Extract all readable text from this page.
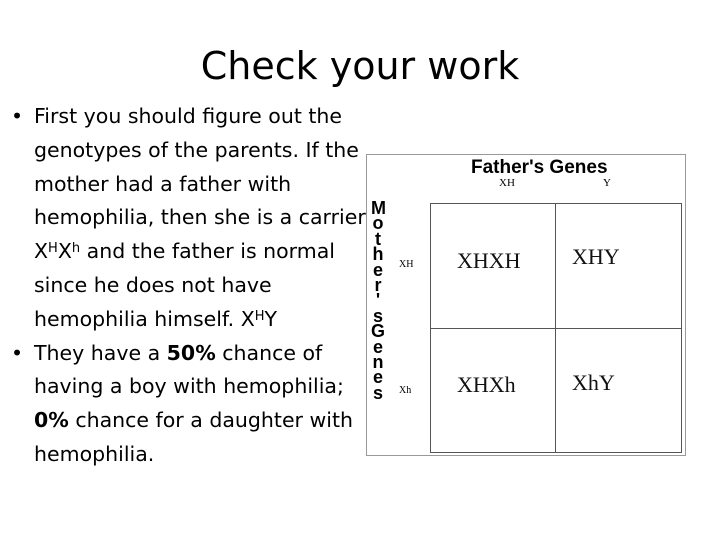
Check your work
• First you should figure out the genotypes of the parents. If the mother had a father with hemophilia, then she is a carrier $X^HX^h$ and the father is normal since he does not have hemophilia himself. $X^HY$
• They have a 50% chance of having a boy with hemophilia; 0% chance for a daughter with hemophilia.
Father's Genes
XH	Y
M
o
t
h
e
r
'
s
G
e
n
e
s
XH
Xh
XHXH XHY
XHXh	XhY
